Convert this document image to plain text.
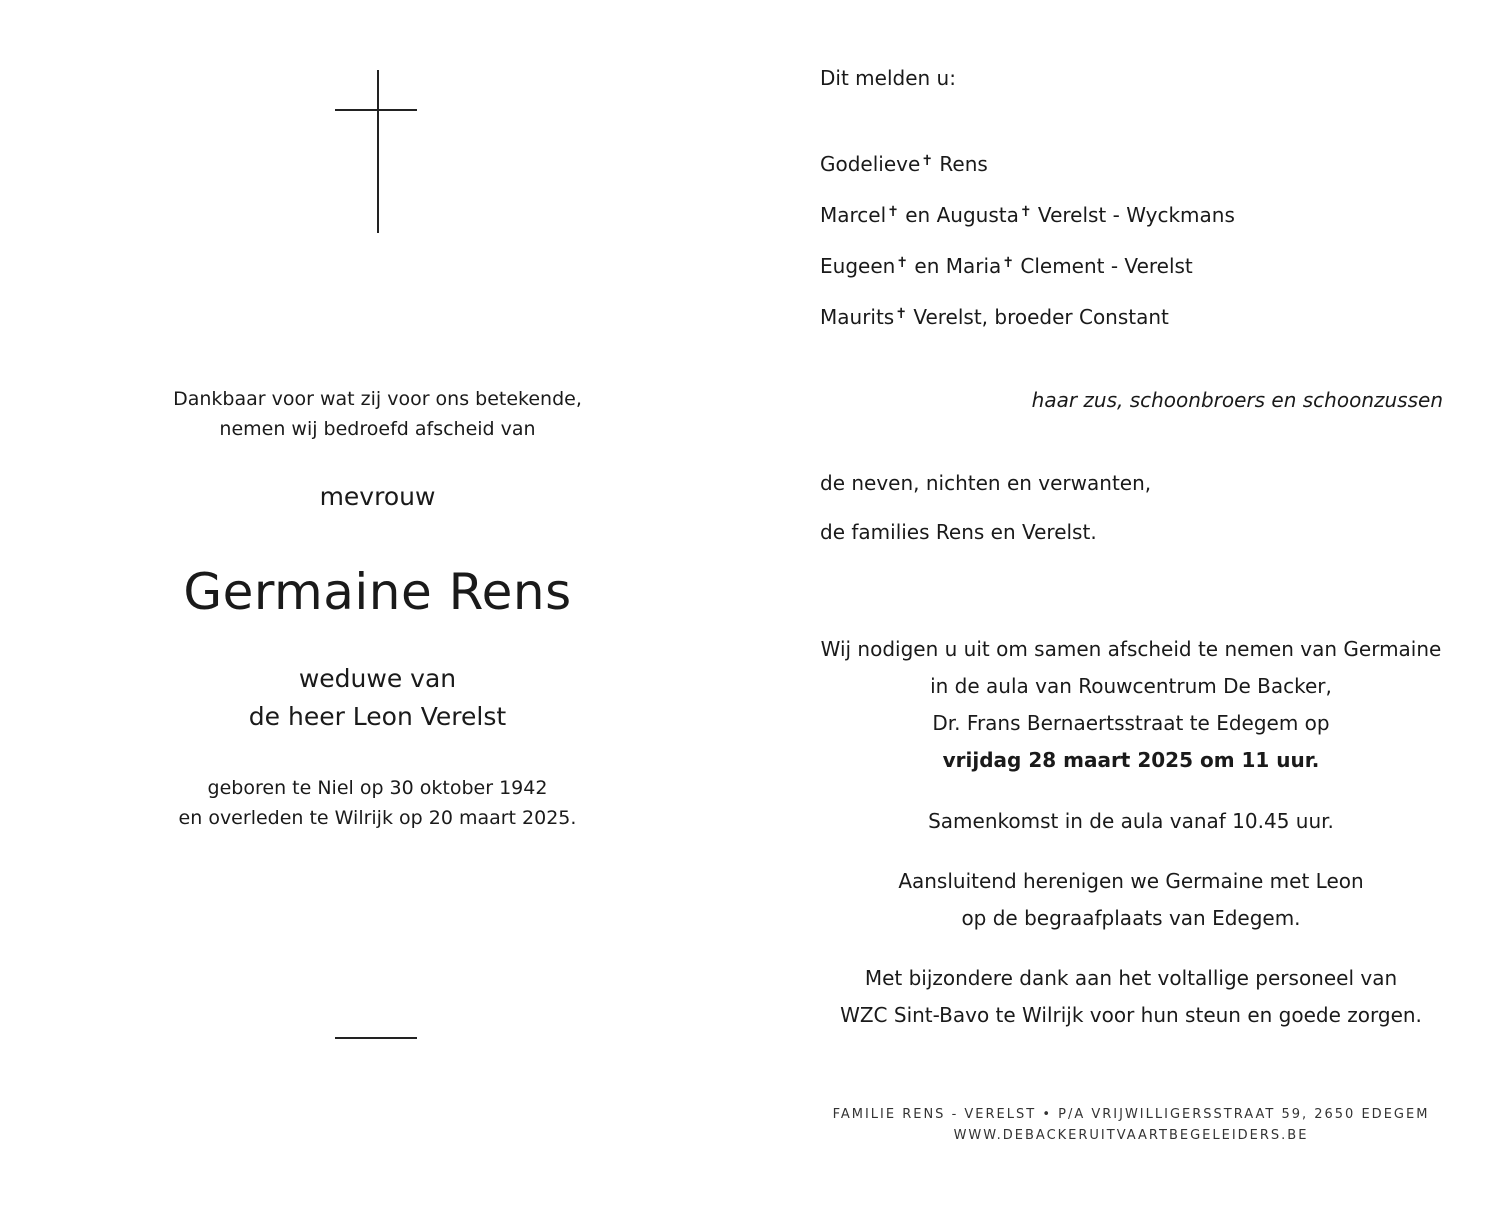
Dankbaar voor wat zij voor ons betekende,
nemen wij bedroefd afscheid van
mevrouw
Germaine Rens
weduwe van
de heer Leon Verelst
geboren te Niel op 30 oktober 1942
en overleden te Wilrijk op 20 maart 2025.
Dit melden u:
Godelieve✝ Rens
Marcel✝ en Augusta✝ Verelst - Wyckmans
Eugeen✝ en Maria✝ Clement - Verelst
Maurits✝ Verelst, broeder Constant
haar zus, schoonbroers en schoonzussen
de neven, nichten en verwanten,
de families Rens en Verelst.
Wij nodigen u uit om samen afscheid te nemen van Germaine
in de aula van Rouwcentrum De Backer,
Dr. Frans Bernaertsstraat te Edegem op
vrijdag 28 maart 2025 om 11 uur.
Samenkomst in de aula vanaf 10.45 uur.
Aansluitend herenigen we Germaine met Leon
op de begraafplaats van Edegem.
Met bijzondere dank aan het voltallige personeel van
WZC Sint-Bavo te Wilrijk voor hun steun en goede zorgen.
FAMILIE RENS - VERELST • P/A VRIJWILLIGERSSTRAAT 59, 2650 EDEGEM
WWW.DEBACKERUITVAARTBEGELEIDERS.BE
